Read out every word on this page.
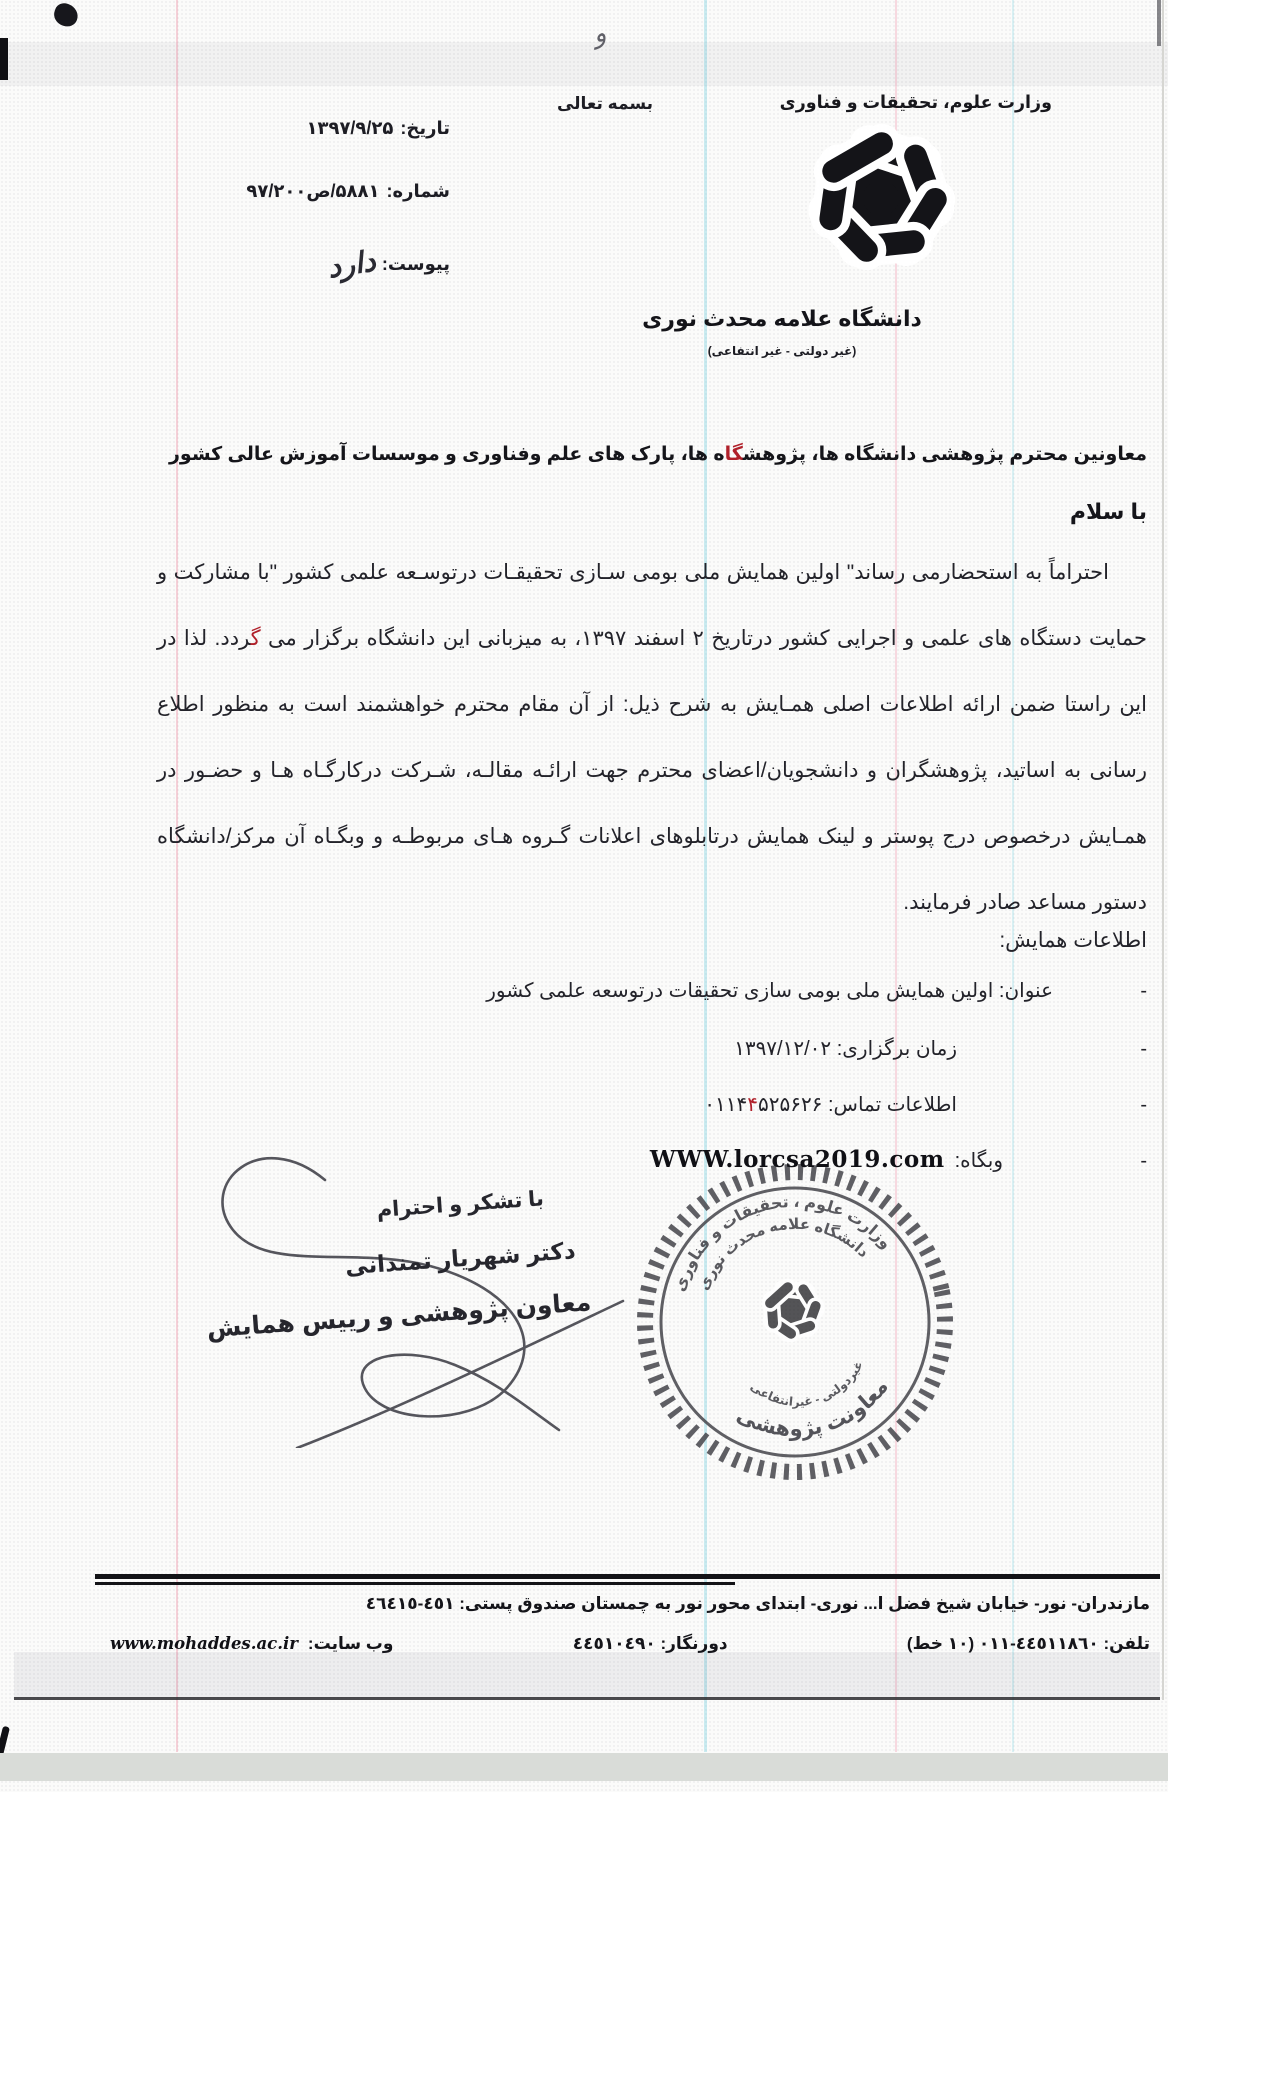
و
وزارت علوم، تحقیقات و فناوری
بسمه تعالی
دانشگاه علامه محدث نوری
(غیر دولتی - غیر انتفاعی)
تاریخ:۱۳۹۷/۹/۲۵
شماره:۵۸۸۱/ص۹۷/۲۰۰
پیوست:دارد
معاونین محترم پژوهشی دانشگاه ها، پژوهش‍‍گاه ها، پارک های علم وفناوری و موسسات آموزش عالی کشور
با سلام
احتراماً به استحضارمی رساند" اولین همایش ملی بومی سـازی تحقیقـات درتوسـعه علمی کشور "با مشارکت و حمایت دستگاه های علمی و اجرایی کشور درتاریخ ۲ اسفند ۱۳۹۷، به میزبانی این دانشگاه برگزار می گ‍‍ردد. لذا در این راستا ضمن ارائه اطلاعات اصلی همـایش به شرح ذیل: از آن مقام محترم خواهشمند است به منظور اطلاع رسانی به اساتید، پژوهشگران و دانشجویان/اعضای محترم جهت ارائـه مقالـه، شـرکت درکارگـاه هـا و حضـور در همـایش درخصوص درج پوستر و لینک همایش درتابلوهای اعلانات گـروه هـای مربوطـه و وبگـاه آن مرکز/دانشگاه دستور مساعد صادر فرمایند.
اطلاعات همایش:
-
عنوان: اولین همایش ملی بومی سازی تحقیقات درتوسعه علمی کشور
-
زمان برگزاری: ۱۳۹۷/۱۲/۰۲
-
اطلاعات تماس: ۰۱۱۴۴۵۲۵۶۲۶
-
وبگاه:WWW.lorcsa2019.com
با تشکر و احترام
دکتر شهریار تمندانی
معاون پژوهشی و رییس همایش
وزارت علوم ، تحقیقات و فناوری
دانشگاه علامه محدث نوری
غیردولتی - غیرانتفاعی
معاونت پژوهشی
مازندران- نور- خیابان شیخ فضل ا... نوری- ابتدای محور نور به چمستان صندوق پستی: ٤٥١-٤٦٤١٥
تلفن: ٤٤٥١١٨٦٠-٠١١ (١٠ خط)
دورنگار: ٤٤٥١٠٤٩٠
وب سایت:
www.mohaddes.ac.ir
